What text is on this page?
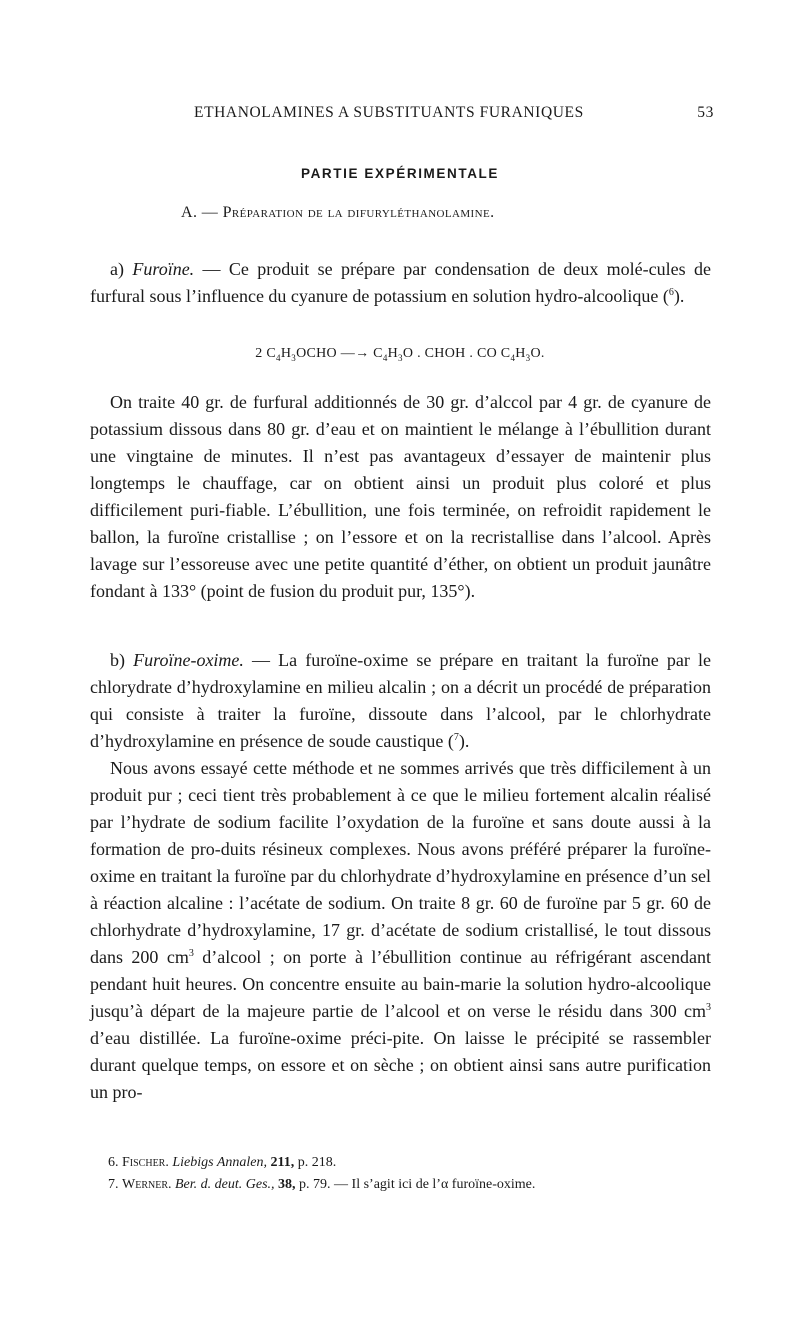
ETHANOLAMINES A SUBSTITUANTS FURANIQUES	53
PARTIE EXPÉRIMENTALE
A. — Préparation de la difuryléthanolamine.

a) Furoïne. — Ce produit se prépare par condensation de deux molé-cules de furfural sous l’influence du cyanure de potassium en solution hydro-alcoolique ($^6$).

2 $C_4H_3OCHO$ —→ $C_4H_3O$ . CHOH . CO $C_4H_3O$.

On traite 40 gr. de furfural additionnés de 30 gr. d’alccol par 4 gr. de cyanure de potassium dissous dans 80 gr. d’eau et on maintient le mélange à l’ébullition durant une vingtaine de minutes. Il n’est pas avantageux d’essayer de maintenir plus longtemps le chauffage, car on obtient ainsi un produit plus coloré et plus difficilement puri-fiable. L’ébullition, une fois terminée, on refroidit rapidement le ballon, la furoïne cristallise ; on l’essore et on la recristallise dans l’alcool. Après lavage sur l’essoreuse avec une petite quantité d’éther, on obtient un produit jaunâtre fondant à 133° (point de fusion du produit pur, 135°).

b) Furoïne-oxime. — La furoïne-oxime se prépare en traitant la furoïne par le chlorydrate d’hydroxylamine en milieu alcalin ; on a décrit un procédé de préparation qui consiste à traiter la furoïne, dissoute dans l’alcool, par le chlorhydrate d’hydroxylamine en présence de soude caustique ($^7$).

Nous avons essayé cette méthode et ne sommes arrivés que très difficilement à un produit pur ; ceci tient très probablement à ce que le milieu fortement alcalin réalisé par l’hydrate de sodium facilite l’oxydation de la furoïne et sans doute aussi à la formation de pro-duits résineux complexes. Nous avons préféré préparer la furoïne-oxime en traitant la furoïne par du chlorhydrate d’hydroxylamine en présence d’un sel à réaction alcaline : l’acétate de sodium. On traite 8 gr. 60 de furoïne par 5 gr. 60 de chlorhydrate d’hydroxylamine, 17 gr. d’acétate de sodium cristallisé, le tout dissous dans 200 $cm^3$ d’alcool ; on porte à l’ébullition continue au réfrigérant ascendant pendant huit heures. On concentre ensuite au bain-marie la solution hydro-alcoolique jusqu’à départ de la majeure partie de l’alcool et on verse le résidu dans 300 $cm^3$ d’eau distillée. La furoïne-oxime préci-pite. On laisse le précipité se rassembler durant quelque temps, on essore et on sèche ; on obtient ainsi sans autre purification un pro-

6. Fischer. Liebigs Annalen, 211, p. 218.

7. Werner. Ber. d. deut. Ges., 38, p. 79. — Il s’agit ici de l’α furoïne-oxime.
